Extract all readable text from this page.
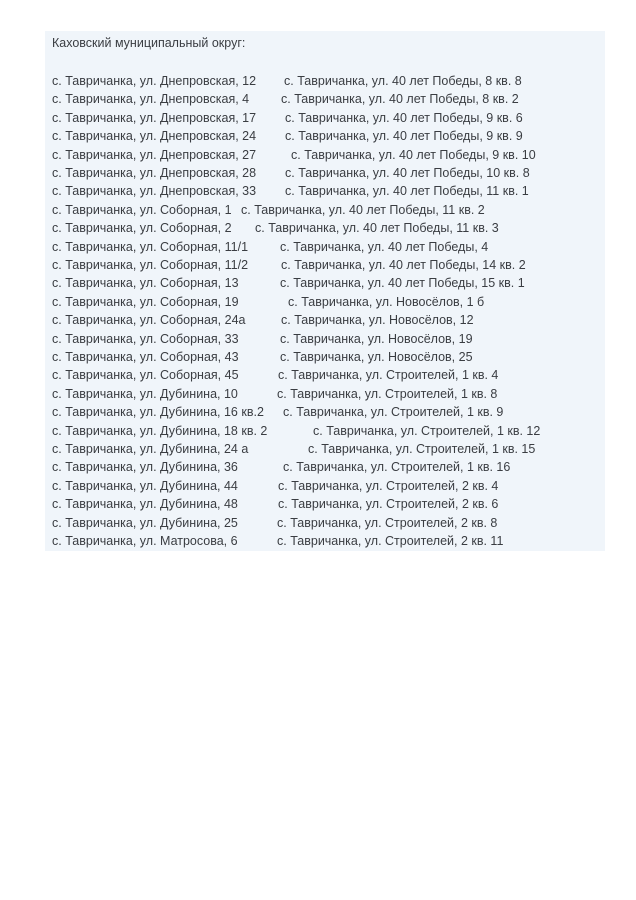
Каховский муниципальный округ:
с. Тавричанка, ул. Днепровская, 12 с. Тавричанка, ул. 40 лет Победы, 8 кв. 8
с. Тавричанка, ул. Днепровская, 4	с. Тавричанка, ул. 40 лет Победы, 8 кв. 2
с. Тавричанка, ул. Днепровская, 17 с. Тавричанка, ул. 40 лет Победы, 9 кв. 6
с. Тавричанка, ул. Днепровская, 24 с. Тавричанка, ул. 40 лет Победы, 9 кв. 9
с. Тавричанка, ул. Днепровская, 27	с. Тавричанка, ул. 40 лет Победы, 9 кв. 10
с. Тавричанка, ул. Днепровская, 28 с. Тавричанка, ул. 40 лет Победы, 10 кв. 8
с. Тавричанка, ул. Днепровская, 33 с. Тавричанка, ул. 40 лет Победы, 11 кв. 1
с. Тавричанка, ул. Соборная, 1 с. Тавричанка, ул. 40 лет Победы, 11 кв. 2
с. Тавричанка, ул. Соборная, 2 с. Тавричанка, ул. 40 лет Победы, 11 кв. 3
с. Тавричанка, ул. Соборная, 11/1	с. Тавричанка, ул. 40 лет Победы, 4
с. Тавричанка, ул. Соборная, 11/2	с. Тавричанка, ул. 40 лет Победы, 14 кв. 2
с. Тавричанка, ул. Соборная, 13	с. Тавричанка, ул. 40 лет Победы, 15 кв. 1
с. Тавричанка, ул. Соборная, 19	с. Тавричанка, ул. Новосёлов, 1 б
с. Тавричанка, ул. Соборная, 24а	с. Тавричанка, ул. Новосёлов, 12
с. Тавричанка, ул. Соборная, 33	с. Тавричанка, ул. Новосёлов, 19
с. Тавричанка, ул. Соборная, 43	с. Тавричанка, ул. Новосёлов, 25
с. Тавричанка, ул. Соборная, 45	с. Тавричанка, ул. Строителей, 1 кв. 4
с. Тавричанка, ул. Дубинина, 10	с. Тавричанка, ул. Строителей, 1 кв. 8
с. Тавричанка, ул. Дубинина, 16 кв.2 с. Тавричанка, ул. Строителей, 1 кв. 9
с. Тавричанка, ул. Дубинина, 18 кв. 2	с. Тавричанка, ул. Строителей, 1 кв. 12
с. Тавричанка, ул. Дубинина, 24 а	с. Тавричанка, ул. Строителей, 1 кв. 15
с. Тавричанка, ул. Дубинина, 36	с. Тавричанка, ул. Строителей, 1 кв. 16
с. Тавричанка, ул. Дубинина, 44	с. Тавричанка, ул. Строителей, 2 кв. 4
с. Тавричанка, ул. Дубинина, 48	с. Тавричанка, ул. Строителей, 2 кв. 6
с. Тавричанка, ул. Дубинина, 25	с. Тавричанка, ул. Строителей, 2 кв. 8
с. Тавричанка, ул. Матросова, 6	с. Тавричанка, ул. Строителей, 2 кв. 11
